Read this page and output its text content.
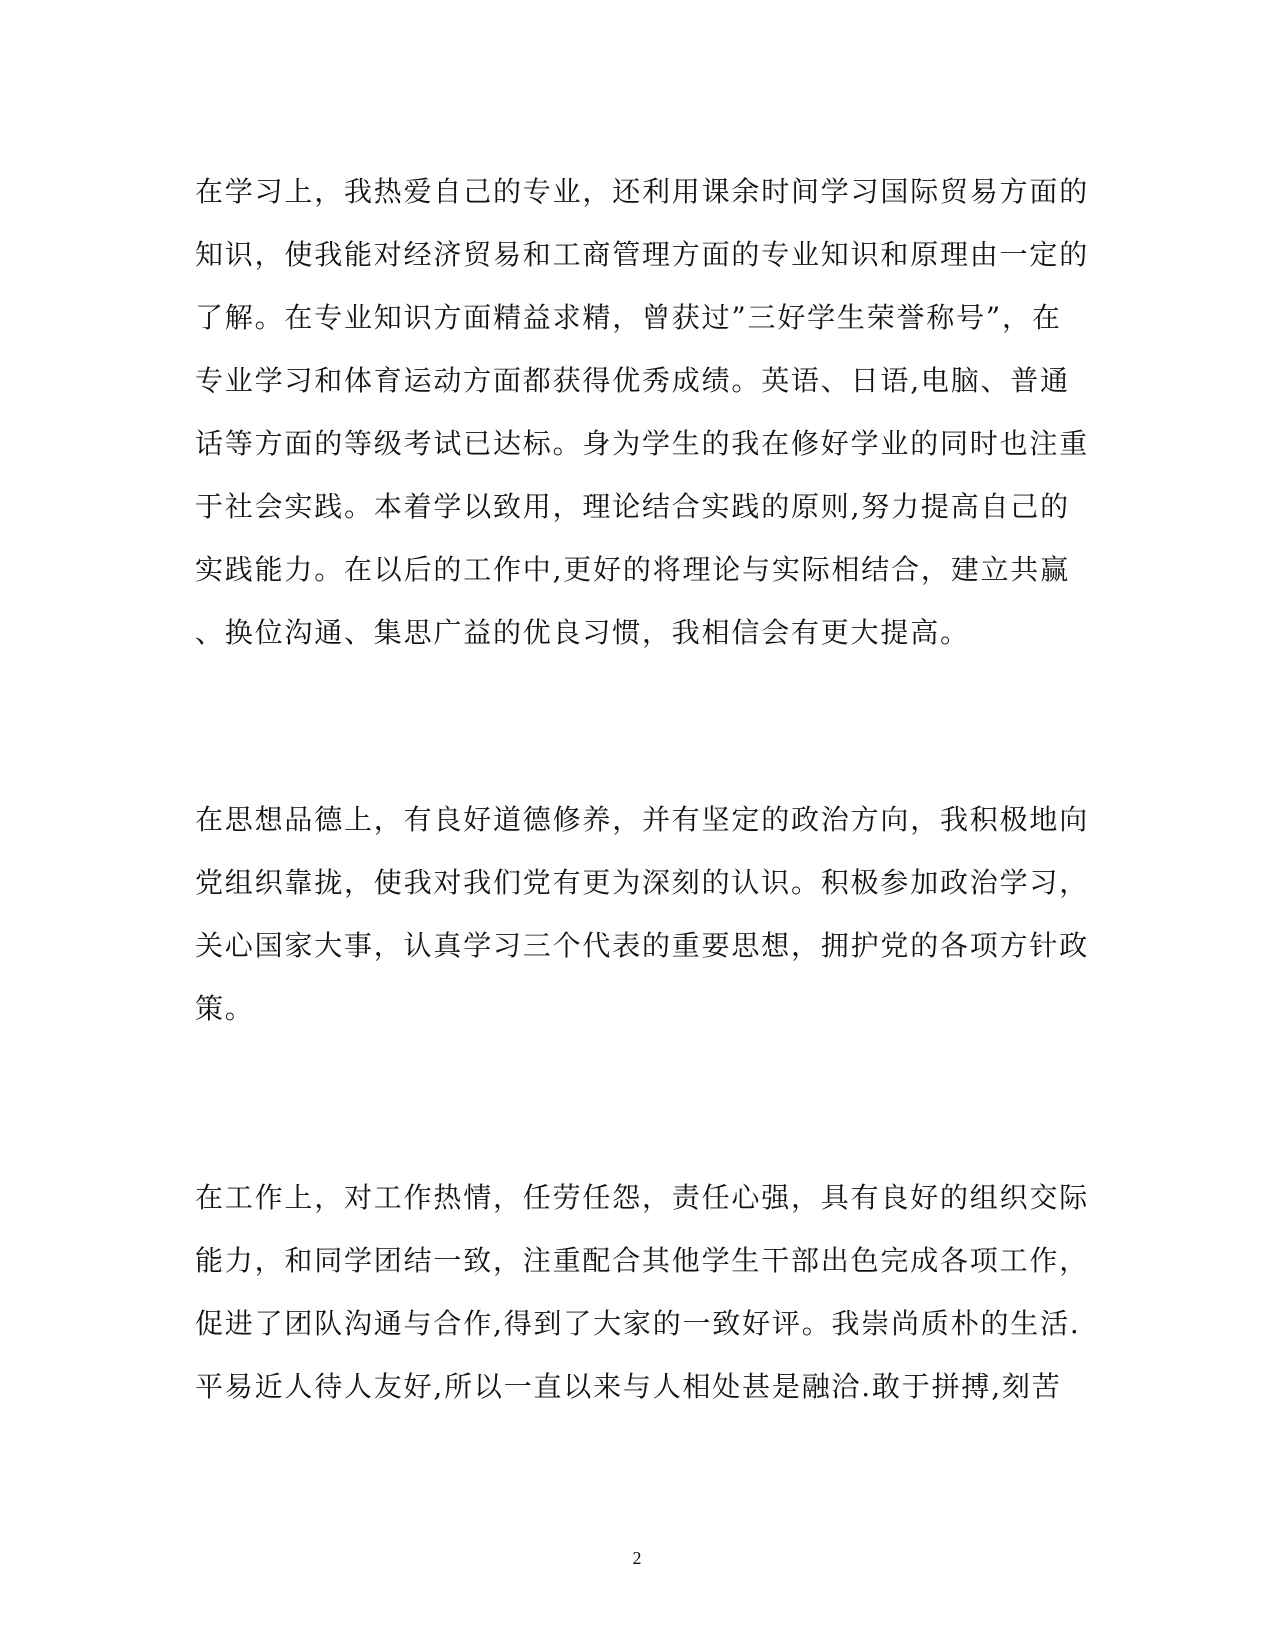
在学习上，我热爱自己的专业，还利用课余时间学习国际贸易方面的
知识，使我能对经济贸易和工商管理方面的专业知识和原理由一定的
了解。在专业知识方面精益求精，曾获过”三好学生荣誉称号”，在
专业学习和体育运动方面都获得优秀成绩。英语、日语,电脑、普通
话等方面的等级考试已达标。身为学生的我在修好学业的同时也注重
于社会实践。本着学以致用，理论结合实践的原则,努力提高自己的
实践能力。在以后的工作中,更好的将理论与实际相结合，建立共赢
、换位沟通、集思广益的优良习惯，我相信会有更大提高。
在思想品德上，有良好道德修养，并有坚定的政治方向，我积极地向
党组织靠拢，使我对我们党有更为深刻的认识。积极参加政治学习，
关心国家大事，认真学习三个代表的重要思想，拥护党的各项方针政
策。
在工作上，对工作热情，任劳任怨，责任心强，具有良好的组织交际
能力，和同学团结一致，注重配合其他学生干部出色完成各项工作，
促进了团队沟通与合作,得到了大家的一致好评。我崇尚质朴的生活.
平易近人待人友好,所以一直以来与人相处甚是融洽.敢于拼搏,刻苦
2
